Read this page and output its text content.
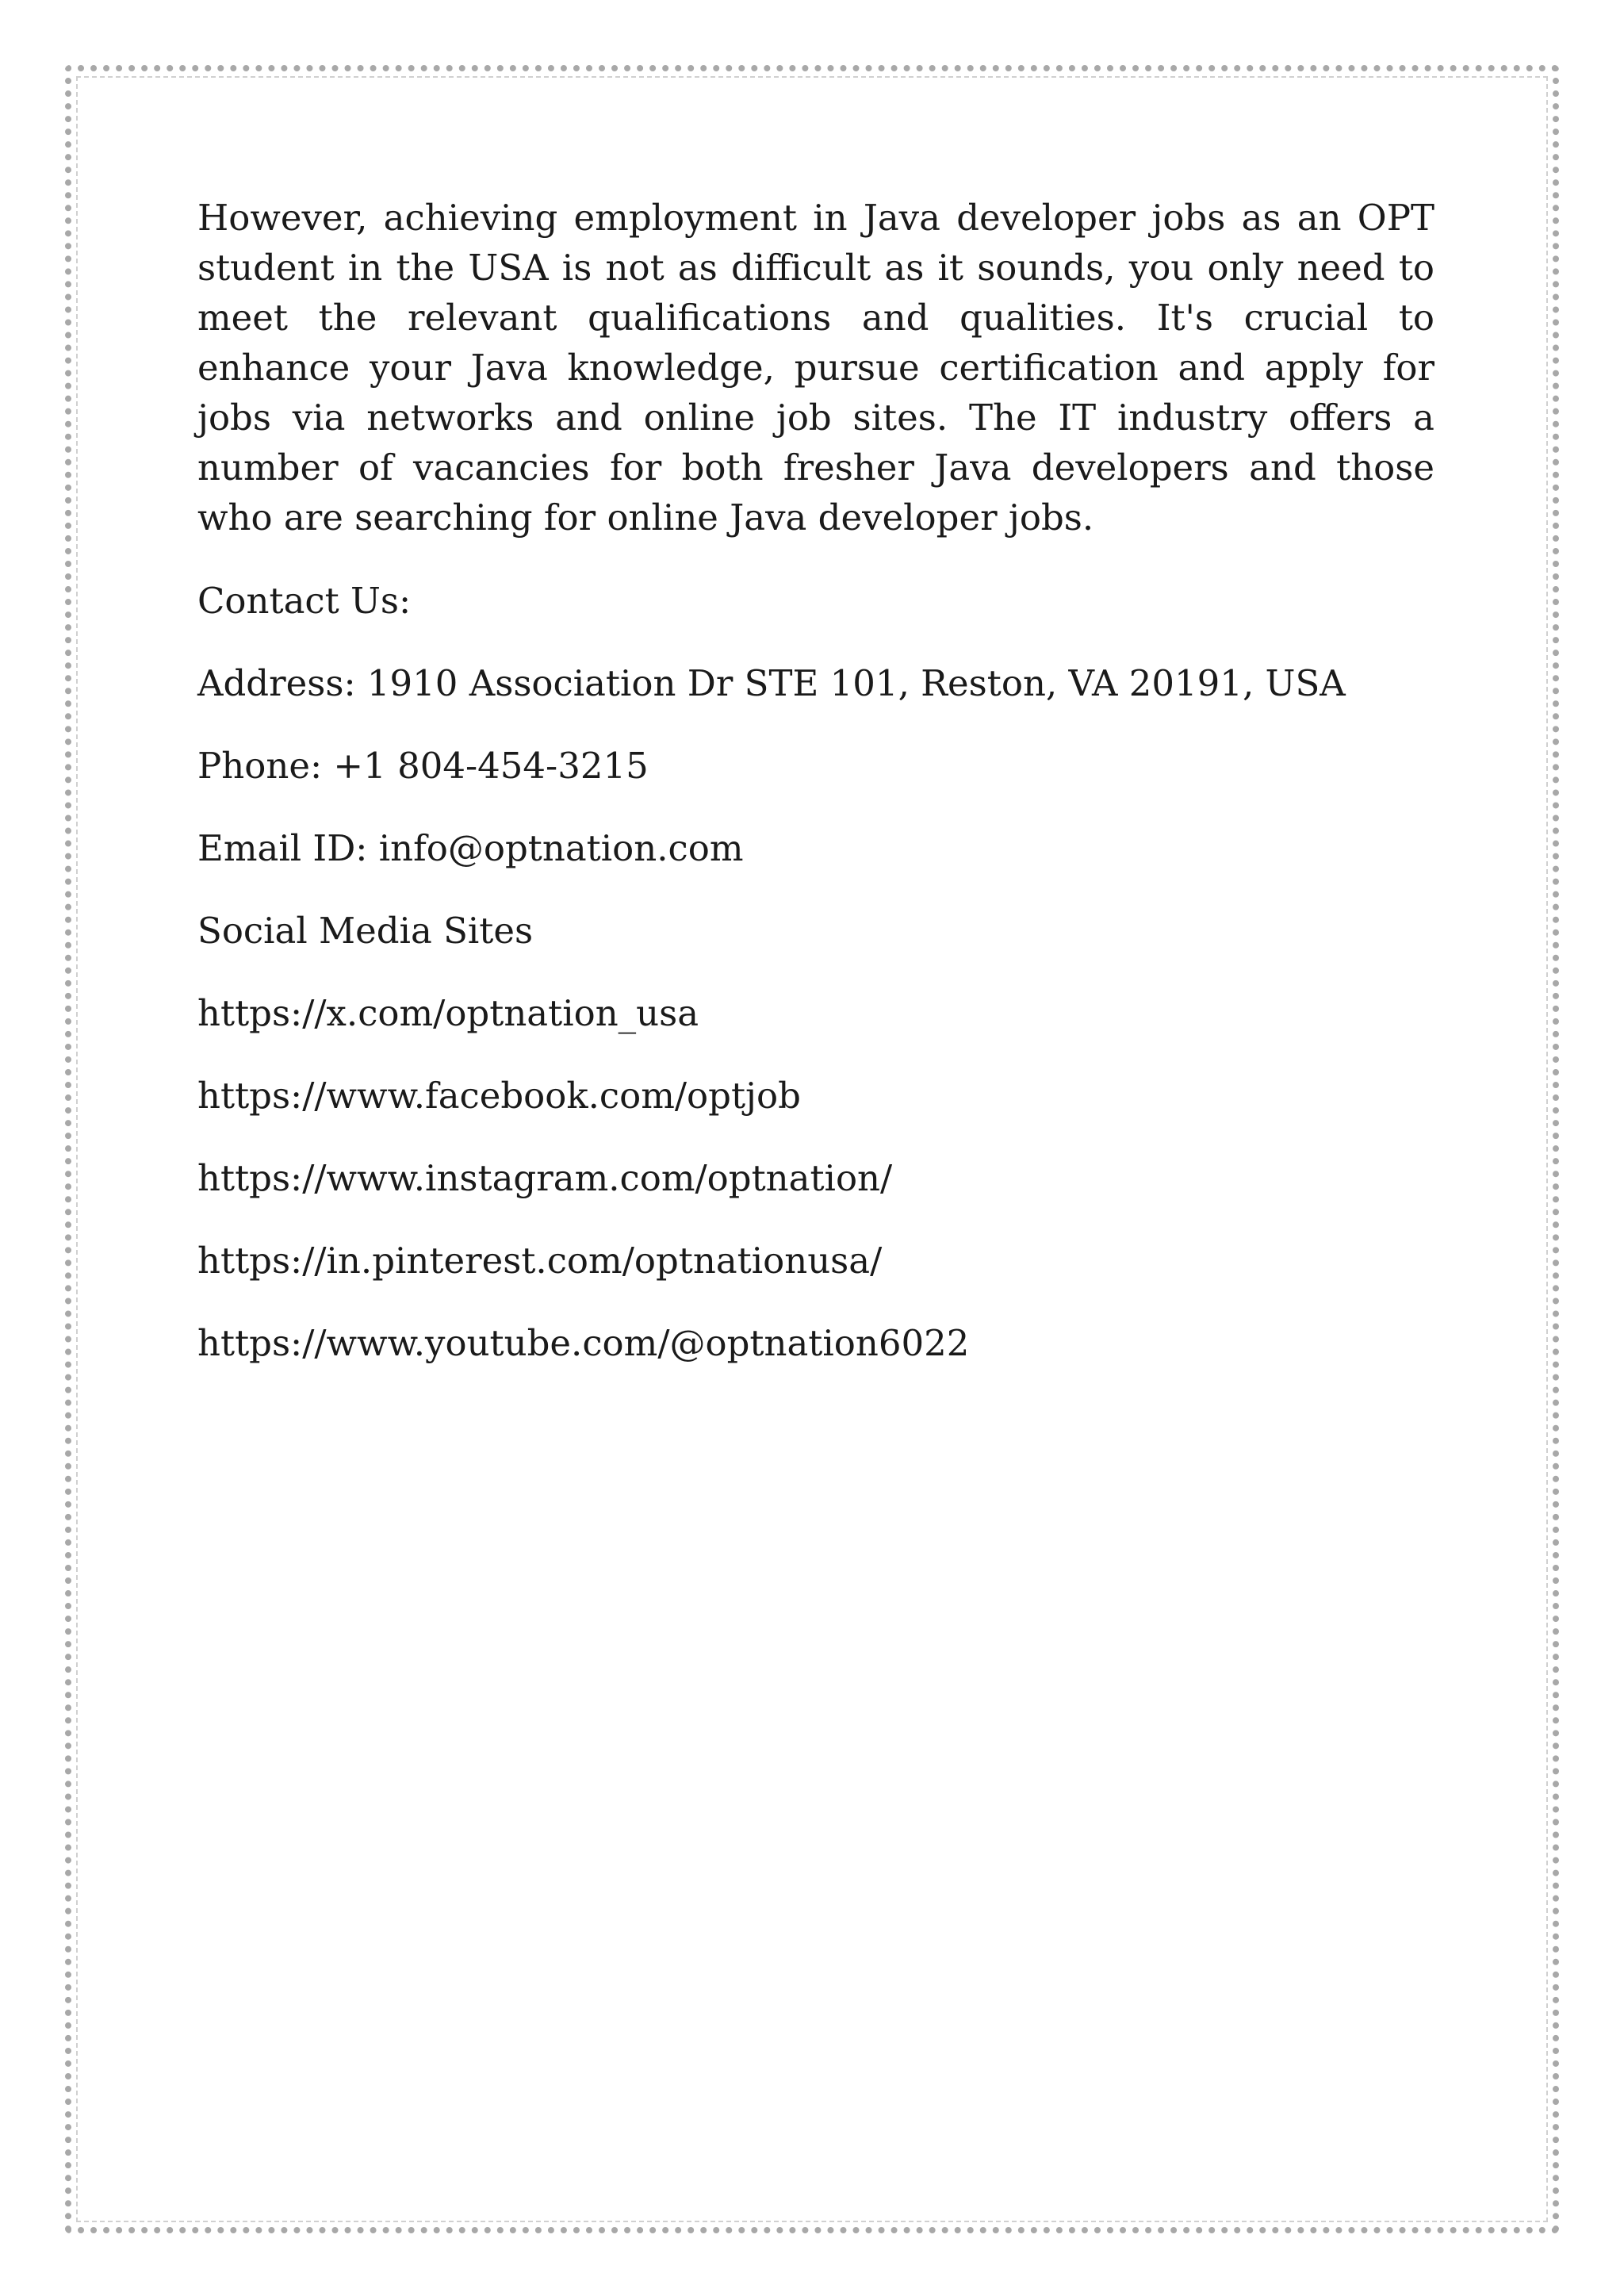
However, achieving employment in Java developer jobs as an OPT student in the USA is not as difficult as it sounds, you only need to meet the relevant qualifications and qualities. It's crucial to enhance your Java knowledge, pursue certification and apply for jobs via networks and online job sites. The IT industry offers a number of vacancies for both fresher Java developers and those who are searching for online Java developer jobs.

Contact Us:

Address: 1910 Association Dr STE 101, Reston, VA 20191, USA

Phone: +1 804-454-3215

Email ID: info@optnation.com

Social Media Sites

https://x.com/optnation_usa

https://www.facebook.com/optjob

https://www.instagram.com/optnation/

https://in.pinterest.com/optnationusa/

https://www.youtube.com/@optnation6022
